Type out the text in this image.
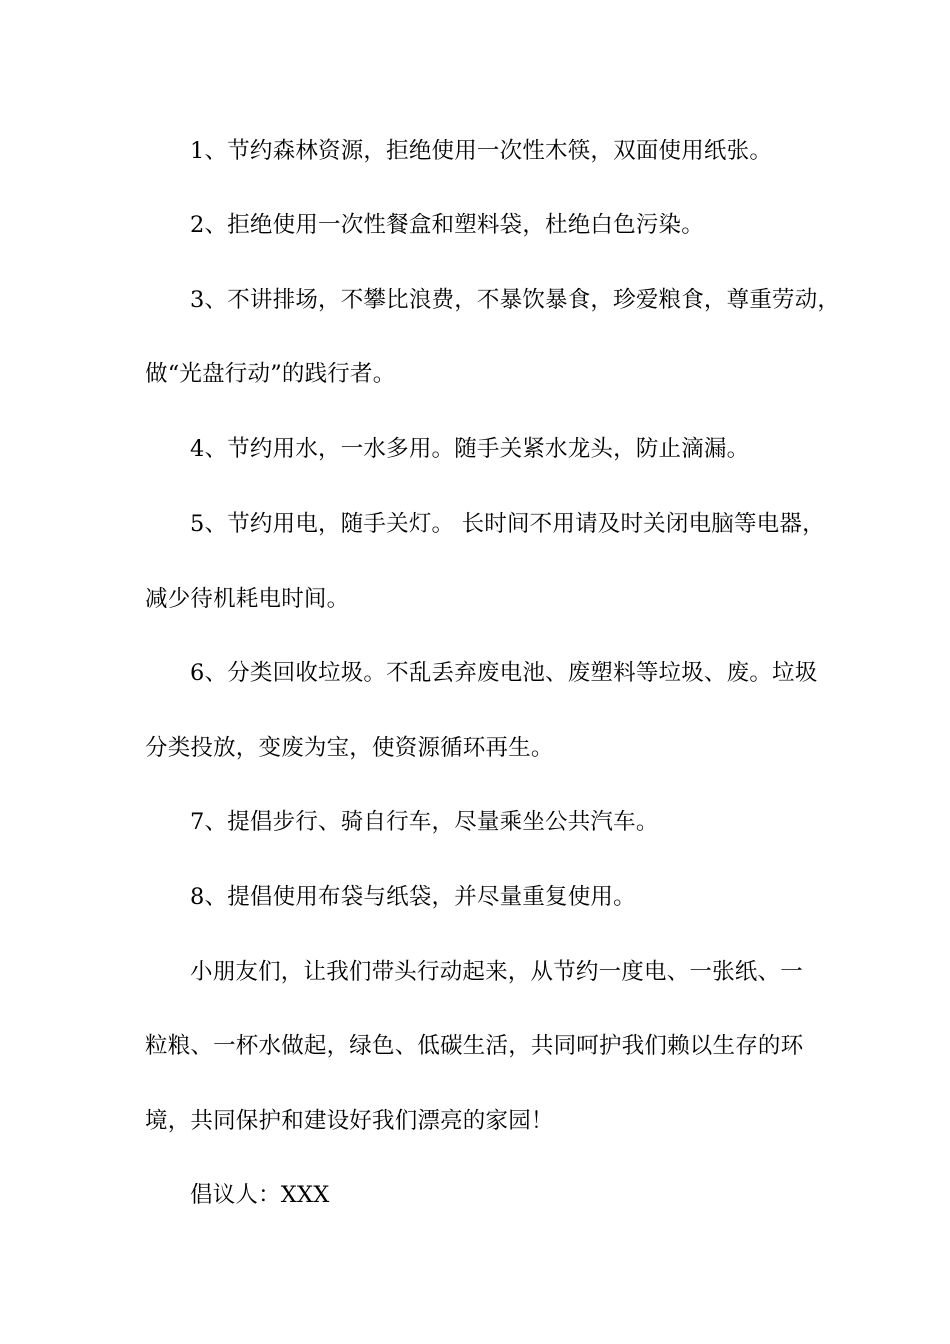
1、节约森林资源，拒绝使用一次性木筷，双面使用纸张。
2、拒绝使用一次性餐盒和塑料袋，杜绝白色污染。
3、不讲排场，不攀比浪费，不暴饮暴食，珍爱粮食，尊重劳动，
做“光盘行动”的践行者。
4、节约用水，一水多用。随手关紧水龙头，防止滴漏。
5、节约用电，随手关灯。 长时间不用请及时关闭电脑等电器，
减少待机耗电时间。
6、分类回收垃圾。不乱丢弃废电池、废塑料等垃圾、废。垃圾
分类投放，变废为宝，使资源循环再生。
7、提倡步行、骑自行车，尽量乘坐公共汽车。
8、提倡使用布袋与纸袋，并尽量重复使用。
小朋友们，让我们带头行动起来，从节约一度电、一张纸、一
粒粮、一杯水做起，绿色、低碳生活，共同呵护我们赖以生存的环
境，共同保护和建设好我们漂亮的家园！
倡议人：XXX
